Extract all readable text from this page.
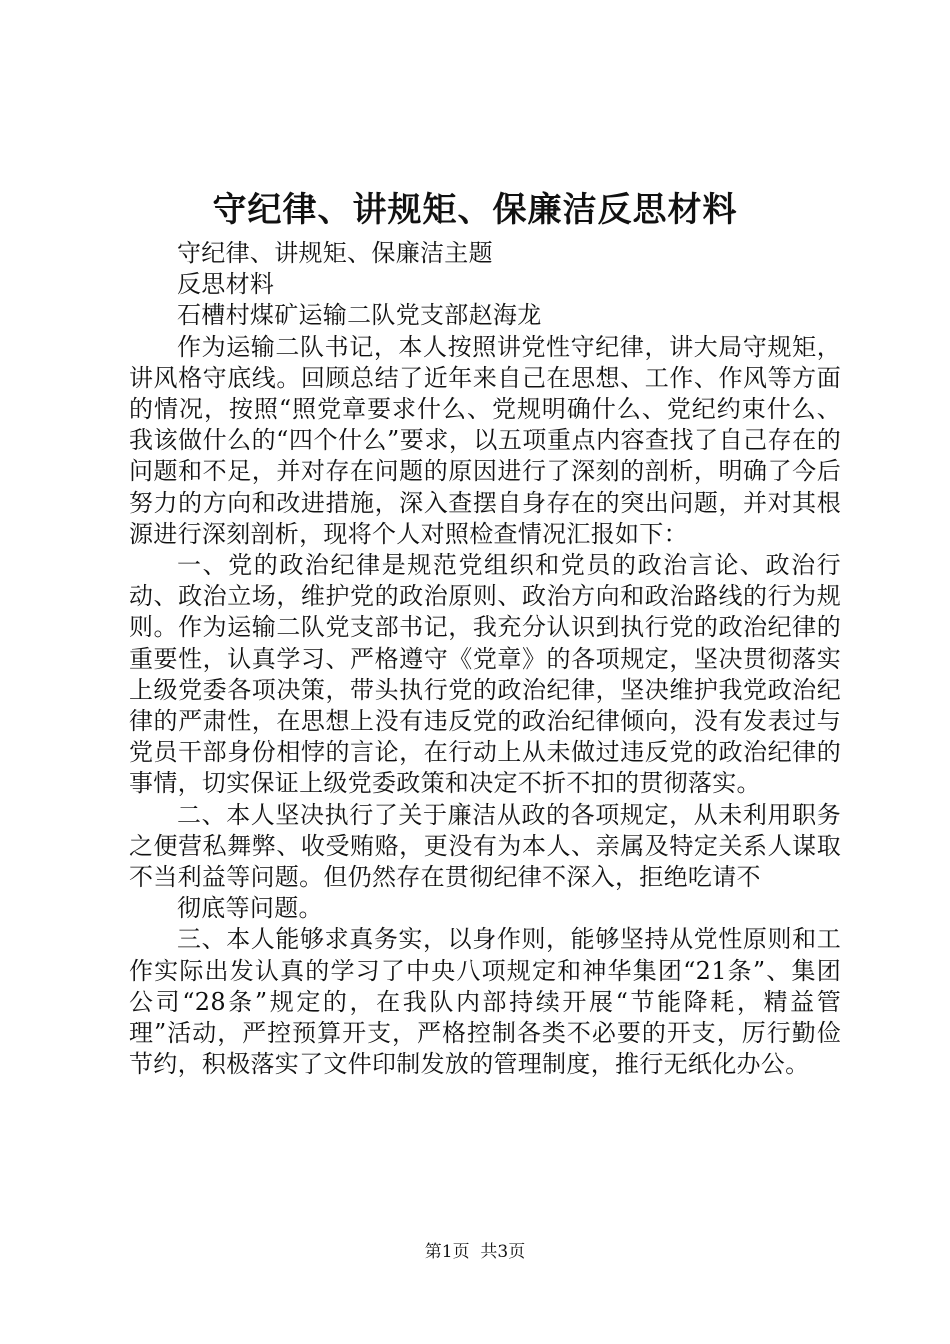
守纪律、讲规矩、保廉洁反思材料

守纪律、讲规矩、保廉洁主题

反思材料

石槽村煤矿运输二队党支部赵海龙

作为运输二队书记，本人按照讲党性守纪律，讲大局守规矩，讲风格守底线。回顾总结了近年来自己在思想、工作、作风等方面的情况，按照“照党章要求什么、党规明确什么、党纪约束什么、我该做什么的“四个什么”要求，以五项重点内容查找了自己存在的问题和不足，并对存在问题的原因进行了深刻的剖析，明确了今后努力的方向和改进措施，深入查摆自身存在的突出问题，并对其根源进行深刻剖析，现将个人对照检查情况汇报如下：

一、党的政治纪律是规范党组织和党员的政治言论、政治行动、政治立场，维护党的政治原则、政治方向和政治路线的行为规则。作为运输二队党支部书记，我充分认识到执行党的政治纪律的重要性，认真学习、严格遵守《党章》的各项规定，坚决贯彻落实上级党委各项决策，带头执行党的政治纪律，坚决维护我党政治纪律的严肃性，在思想上没有违反党的政治纪律倾向，没有发表过与党员干部身份相悖的言论，在行动上从未做过违反党的政治纪律的事情，切实保证上级党委政策和决定不折不扣的贯彻落实。

二、本人坚决执行了关于廉洁从政的各项规定，从未利用职务之便营私舞弊、收受贿赂，更没有为本人、亲属及特定关系人谋取不当利益等问题。但仍然存在贯彻纪律不深入，拒绝吃请不

彻底等问题。

三、本人能够求真务实，以身作则，能够坚持从党性原则和工作实际出发认真的学习了中央八项规定和神华集团“21条”、集团公司“28条”规定的，在我队内部持续开展“节能降耗，精益管理”活动，严控预算开支，严格控制各类不必要的开支，厉行勤俭节约，积极落实了文件印制发放的管理制度，推行无纸化办公。

第1页 共3页
